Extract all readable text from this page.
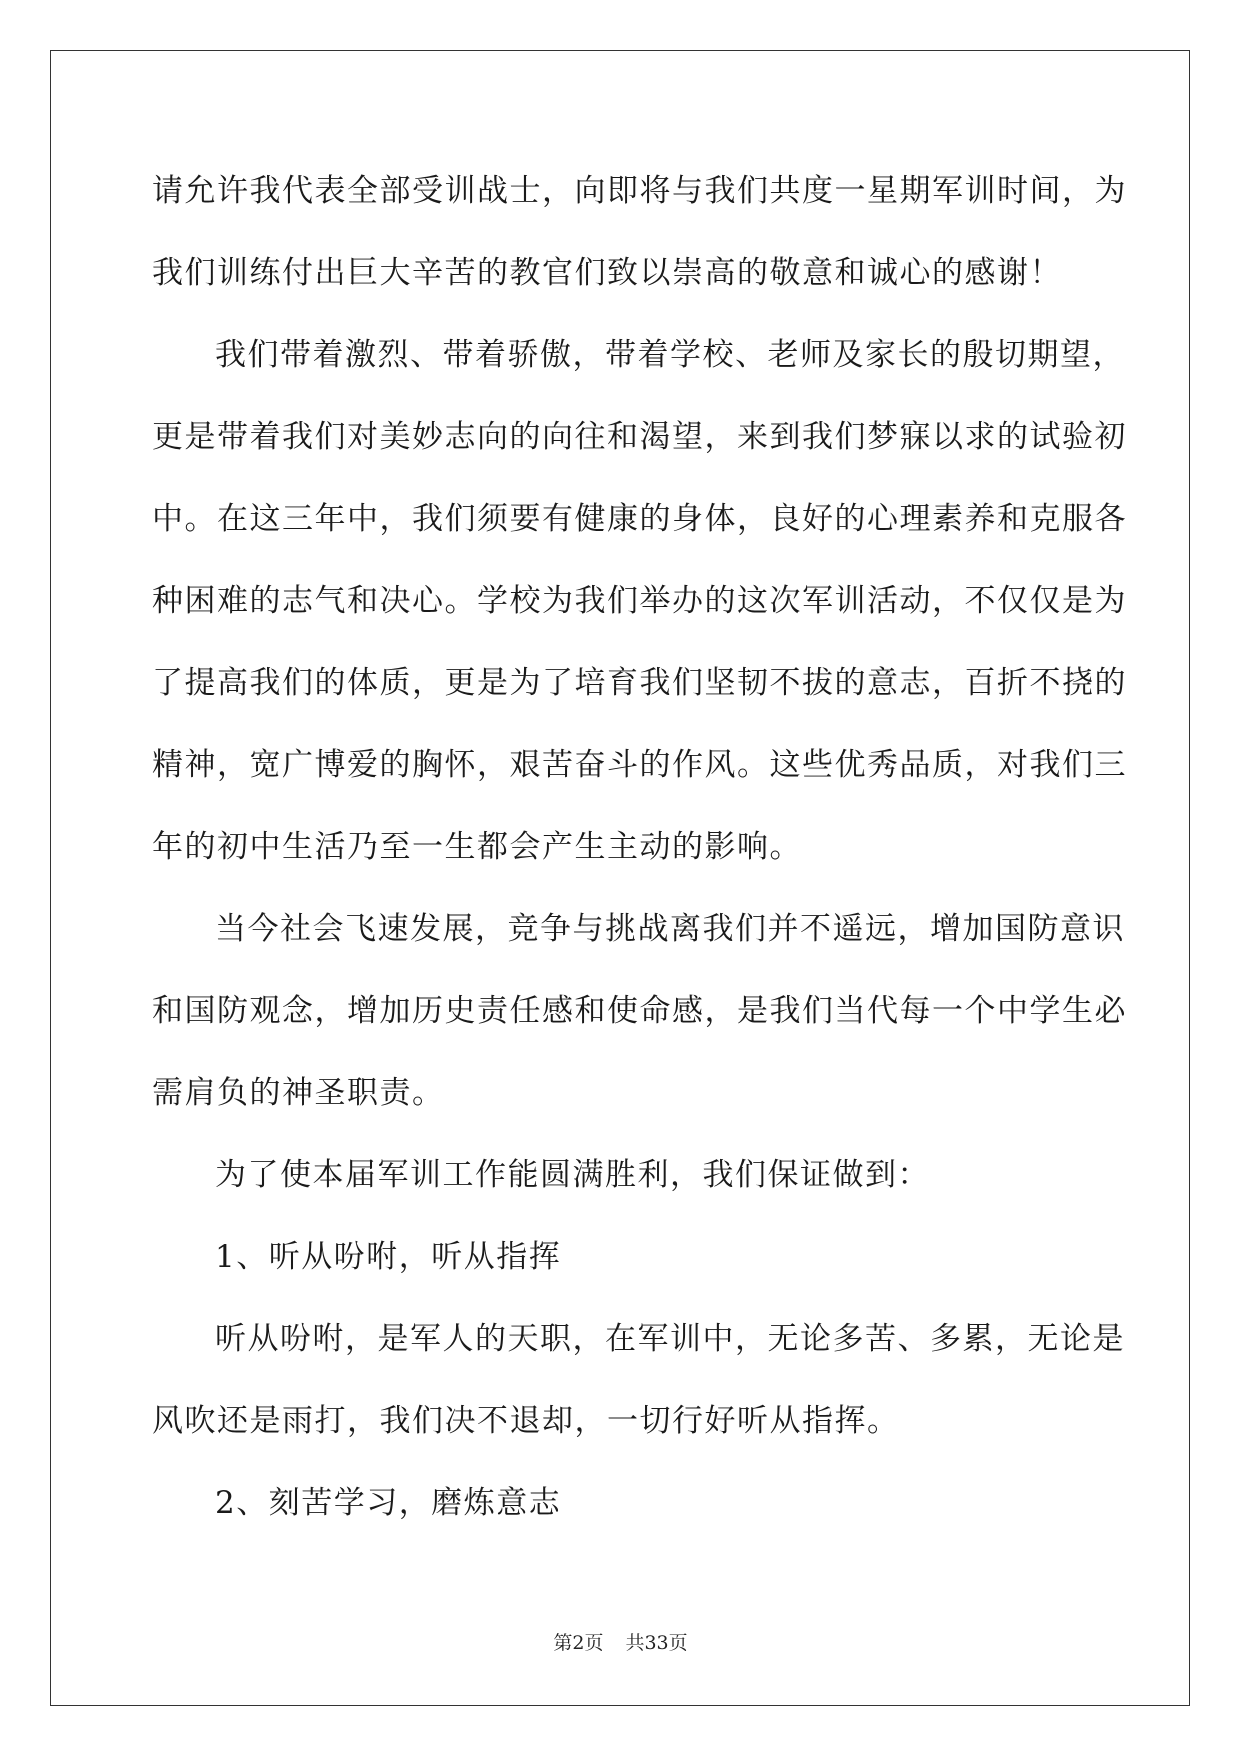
请允许我代表全部受训战士，向即将与我们共度一星期军训时间，为
我们训练付出巨大辛苦的教官们致以崇高的敬意和诚心的感谢！
我们带着激烈、带着骄傲，带着学校、老师及家长的殷切期望，
更是带着我们对美妙志向的向往和渴望，来到我们梦寐以求的试验初
中。在这三年中，我们须要有健康的身体，良好的心理素养和克服各
种困难的志气和决心。学校为我们举办的这次军训活动，不仅仅是为
了提高我们的体质，更是为了培育我们坚韧不拔的意志，百折不挠的
精神，宽广博爱的胸怀，艰苦奋斗的作风。这些优秀品质，对我们三
年的初中生活乃至一生都会产生主动的影响。
当今社会飞速发展，竞争与挑战离我们并不遥远，增加国防意识
和国防观念，增加历史责任感和使命感，是我们当代每一个中学生必
需肩负的神圣职责。
为了使本届军训工作能圆满胜利，我们保证做到：
1、听从吩咐，听从指挥
听从吩咐，是军人的天职，在军训中，无论多苦、多累，无论是
风吹还是雨打，我们决不退却，一切行好听从指挥。
2、刻苦学习，磨炼意志
第2页 共33页
